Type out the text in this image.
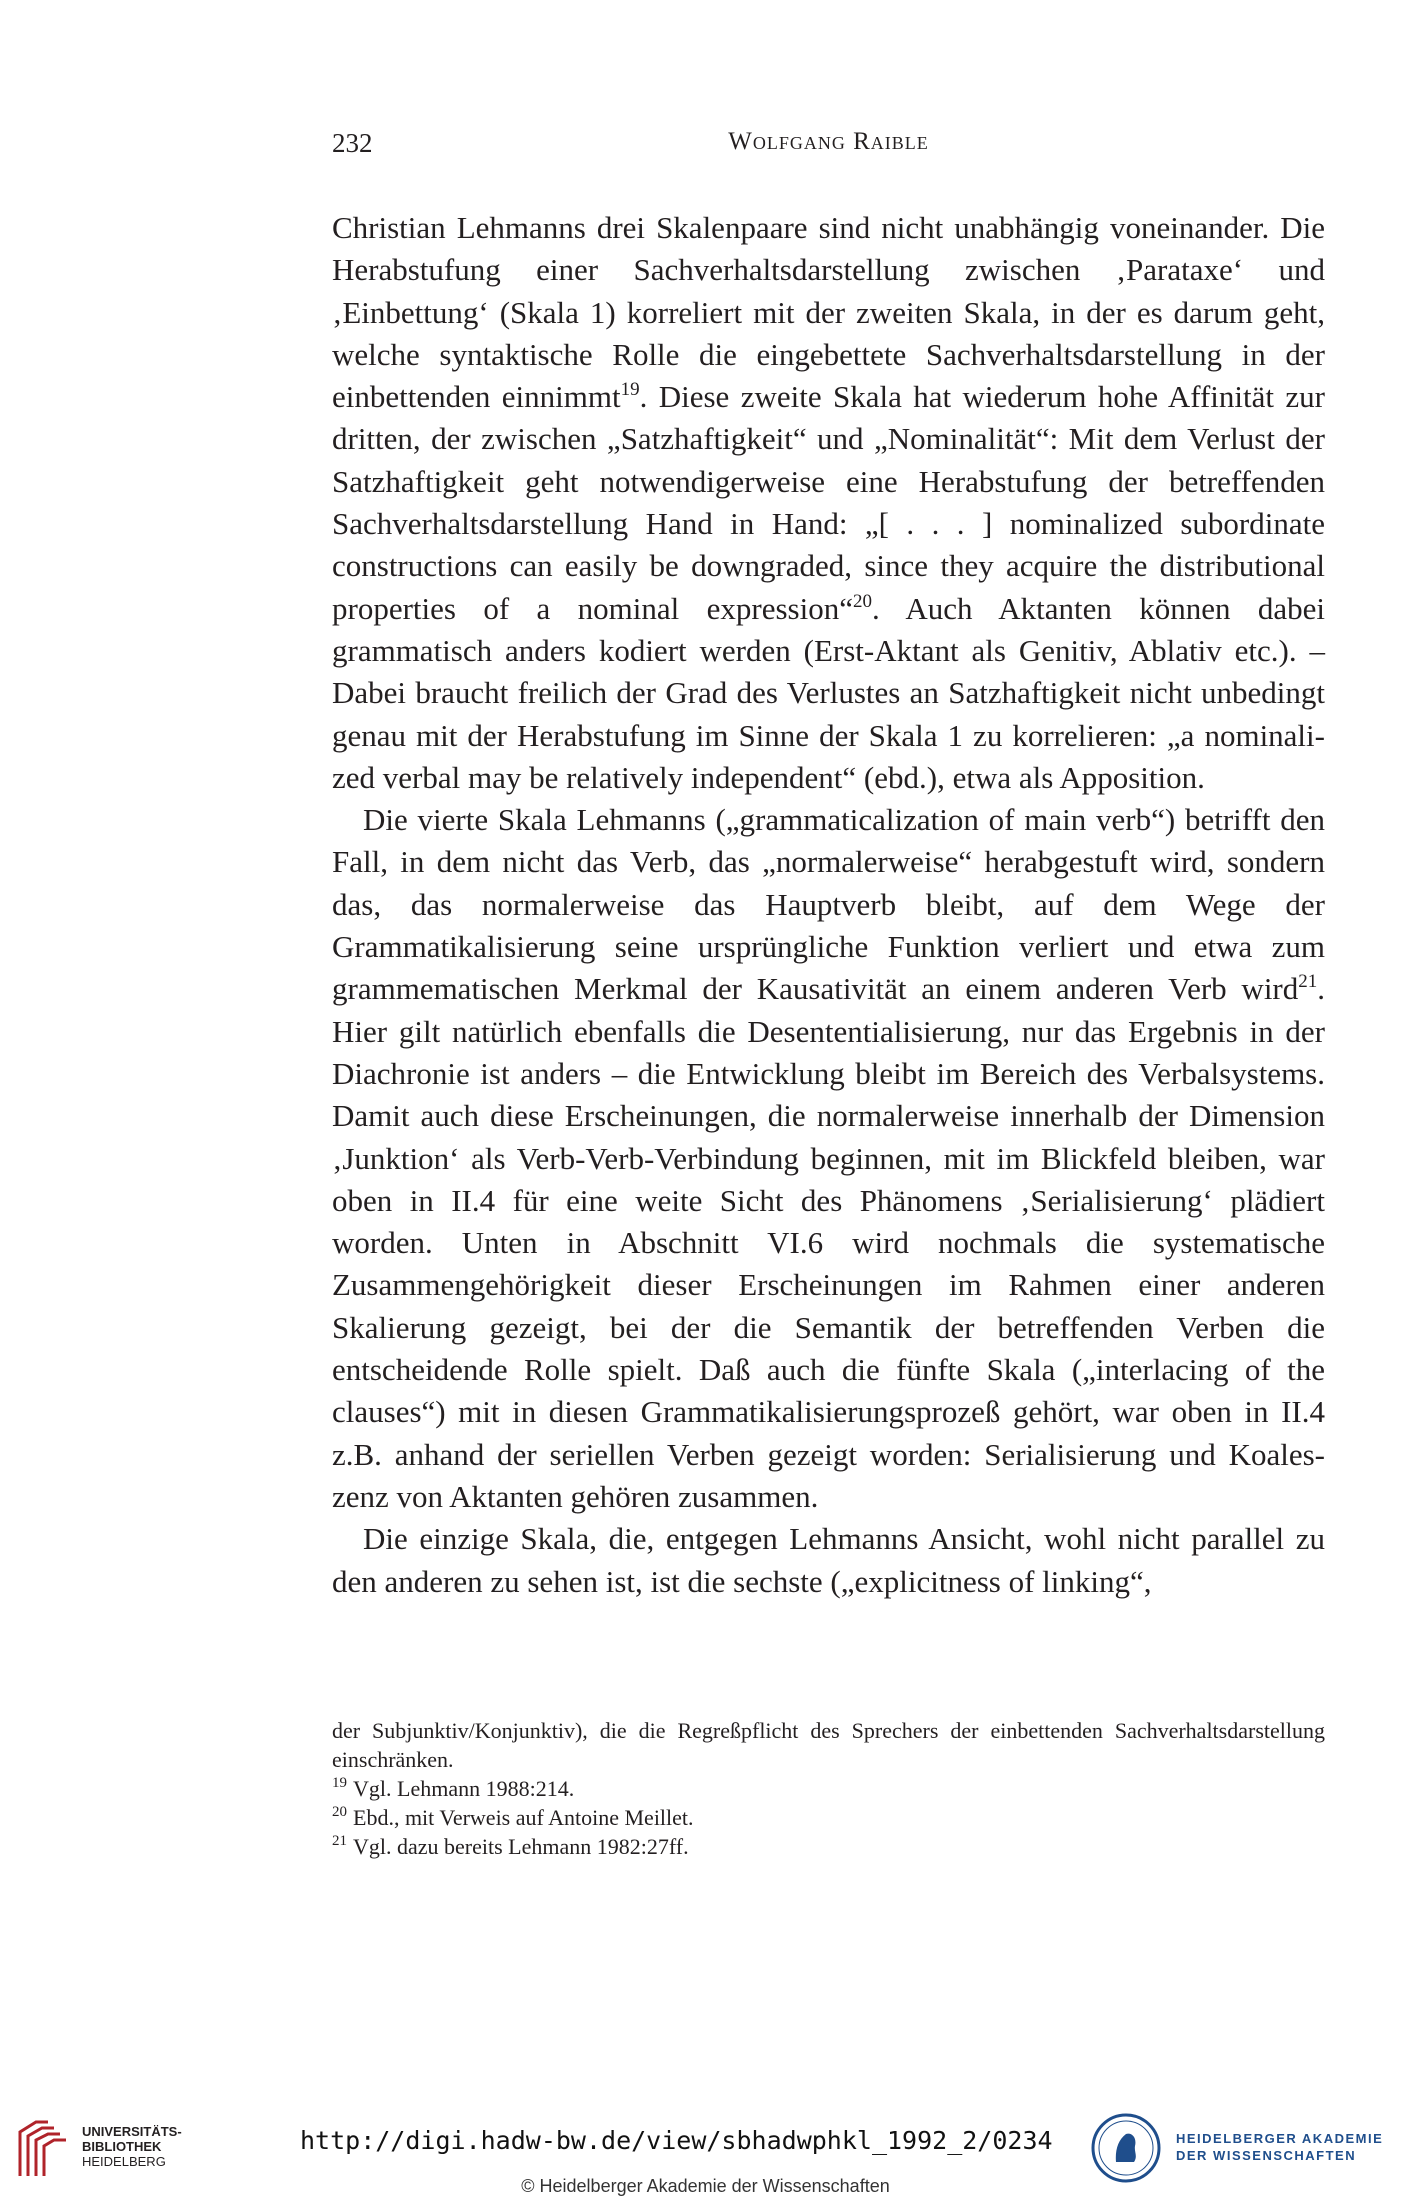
232	Wolfgang Raible

Christian Lehmanns drei Skalenpaare sind nicht unabhängig voneinander. Die Herabstufung einer Sachverhaltsdarstellung zwischen ‚Parataxe‘ und ‚Einbettung‘ (Skala 1) korreliert mit der zweiten Skala, in der es darum geht, welche syntaktische Rolle die eingebettete Sachverhaltsdarstellung in der einbettenden einnimmt$^{19}$. Diese zweite Skala hat wiederum hohe Affinität zur dritten, der zwischen „Satzhaftigkeit“ und „Nominalität“: Mit dem Verlust der Satzhaftigkeit geht notwendigerweise eine Herabstufung der betreffenden Sachverhaltsdarstellung Hand in Hand: „[ . . . ] nominalized subordinate constructions can easily be downgraded, since they acquire the distributional properties of a nominal expression“$^{20}$. Auch Aktanten können dabei grammatisch anders kodiert werden (Erst-Aktant als Genitiv, Ablativ etc.). – Dabei braucht freilich der Grad des Verlustes an Satzhaftigkeit nicht unbedingt genau mit der Herabstufung im Sinne der Skala 1 zu korrelieren: „a nominalized verbal may be relatively independent“ (ebd.), etwa als Apposition.

Die vierte Skala Lehmanns („grammaticalization of main verb“) betrifft den Fall, in dem nicht das Verb, das „normalerweise“ herabgestuft wird, sondern das, das normalerweise das Hauptverb bleibt, auf dem Wege der Grammatikalisierung seine ursprüngliche Funktion verliert und etwa zum grammematischen Merkmal der Kausativität an einem anderen Verb wird$^{21}$. Hier gilt natürlich ebenfalls die Desententialisierung, nur das Ergebnis in der Diachronie ist anders – die Entwicklung bleibt im Bereich des Verbalsystems. Damit auch diese Erscheinungen, die normalerweise innerhalb der Dimension ‚Junktion‘ als Verb-Verb-Verbindung beginnen, mit im Blickfeld bleiben, war oben in II.4 für eine weite Sicht des Phänomens ‚Serialisierung‘ plädiert worden. Unten in Abschnitt VI.6 wird nochmals die systematische Zusammengehörigkeit dieser Erscheinungen im Rahmen einer anderen Skalierung gezeigt, bei der die Semantik der betreffenden Verben die entscheidende Rolle spielt. Daß auch die fünfte Skala („interlacing of the clauses“) mit in diesen Grammatikalisierungsprozeß gehört, war oben in II.4 z.B. anhand der seriellen Verben gezeigt worden: Serialisierung und Koaleszenz von Aktanten gehören zusammen.

Die einzige Skala, die, entgegen Lehmanns Ansicht, wohl nicht parallel zu den anderen zu sehen ist, ist die sechste („explicitness of linking“,

der Subjunktiv/Konjunktiv), die die Regreßpflicht des Sprechers der einbettenden Sachverhaltsdarstellung einschränken.

$^{19}$ Vgl. Lehmann 1988:214.

$^{20}$ Ebd., mit Verweis auf Antoine Meillet.

$^{21}$ Vgl. dazu bereits Lehmann 1982:27ff.

UNIVERSITÄTS-
BIBLIOTHEK
HEIDELBERG
http://digi.hadw-bw.de/view/sbhadwphkl_1992_2/0234
© Heidelberger Akademie der Wissenschaften
HEIDELBERGER AKADEMIE
DER WISSENSCHAFTEN
